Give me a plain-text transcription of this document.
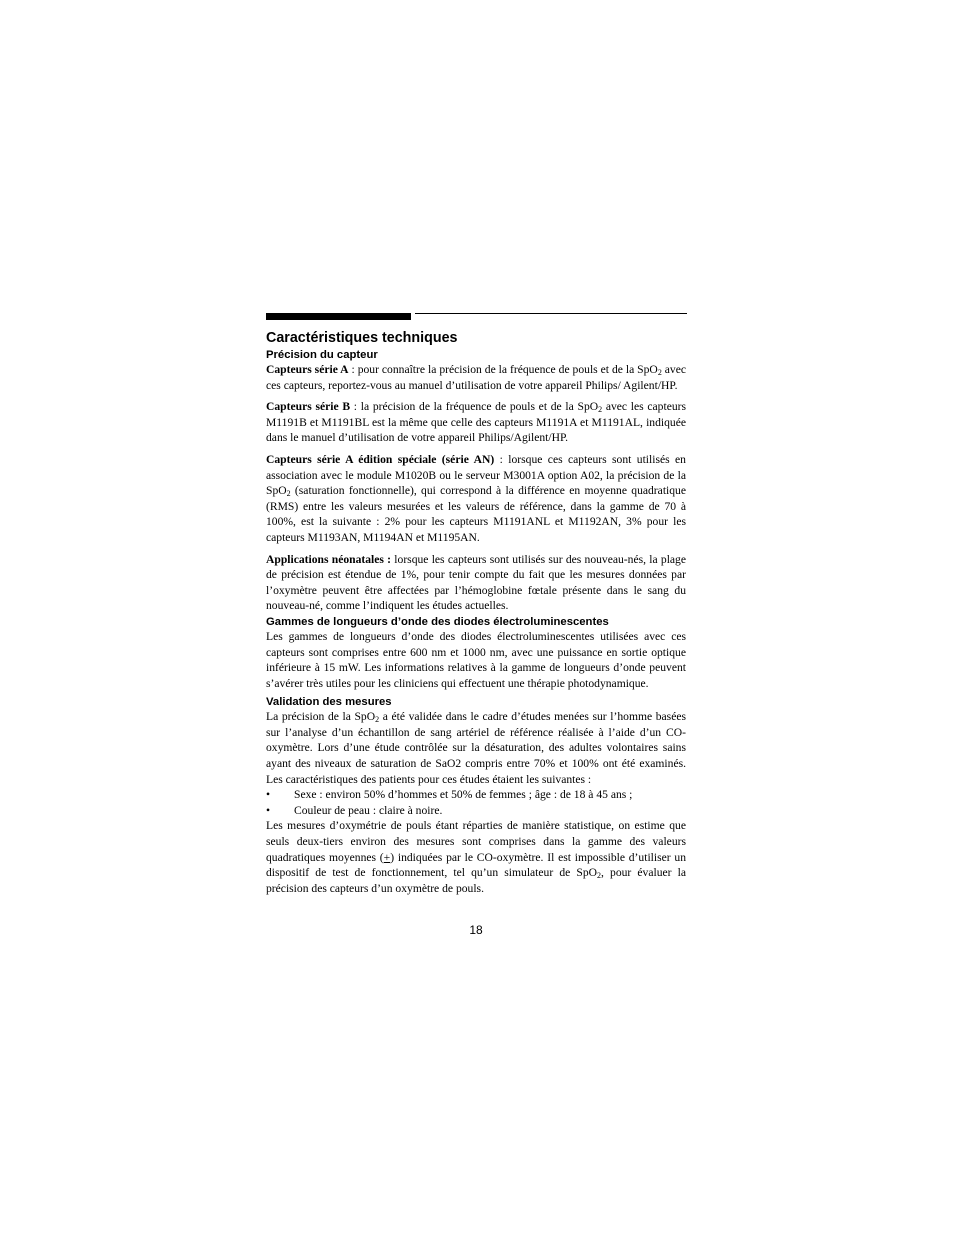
Caractéristiques techniques
Précision du capteur

Capteurs série A : pour connaître la précision de la fréquence de pouls et de la SpO$_2$ avec ces capteurs, reportez-vous au manuel d’utilisation de votre appareil Philips/ Agilent/HP.

Capteurs série B : la précision de la fréquence de pouls et de la SpO$_2$ avec les capteurs M1191B et M1191BL est la même que celle des capteurs M1191A et M1191AL, indiquée dans le manuel d’utilisation de votre appareil Philips/Agilent/HP.

Capteurs série A édition spéciale (série AN) : lorsque ces capteurs sont utilisés en association avec le module M1020B ou le serveur M3001A option A02, la précision de la SpO$_2$ (saturation fonctionnelle), qui correspond à la différence en moyenne quadratique (RMS) entre les valeurs mesurées et les valeurs de référence, dans la gamme de 70 à 100%, est la suivante : 2% pour les capteurs M1191ANL et M1192AN, 3% pour les capteurs M1193AN, M1194AN et M1195AN.

Applications néonatales : lorsque les capteurs sont utilisés sur des nouveau-nés, la plage de précision est étendue de 1%, pour tenir compte du fait que les mesures données par l’oxymètre peuvent être affectées par l’hémoglobine fœtale présente dans le sang du nouveau-né, comme l’indiquent les études actuelles.

Gammes de longueurs d’onde des diodes électroluminescentes

Les gammes de longueurs d’onde des diodes électroluminescentes utilisées avec ces capteurs sont comprises entre 600 nm et 1000 nm, avec une puissance en sortie optique inférieure à 15 mW. Les informations relatives à la gamme de longueurs d’onde peuvent s’avérer très utiles pour les cliniciens qui effectuent une thérapie photodynamique.

Validation des mesures

La précision de la SpO$_2$ a été validée dans le cadre d’études menées sur l’homme basées sur l’analyse d’un échantillon de sang artériel de référence réalisée à l’aide d’un CO-oxymètre. Lors d’une étude contrôlée sur la désaturation, des adultes volontaires sains ayant des niveaux de saturation de SaO2 compris entre 70% et 100% ont été examinés. Les caractéristiques des patients pour ces études étaient les suivantes :

•	Sexe : environ 50% d’hommes et 50% de femmes ; âge : de 18 à 45 ans ;
•	Couleur de peau : claire à noire.

Les mesures d’oxymétrie de pouls étant réparties de manière statistique, on estime que seuls deux-tiers environ des mesures sont comprises dans la gamme des valeurs quadratiques moyennes (+) indiquées par le CO-oxymètre. Il est impossible d’utiliser un dispositif de test de fonctionnement, tel qu’un simulateur de SpO$_2$, pour évaluer la précision des capteurs d’un oxymètre de pouls.

18
